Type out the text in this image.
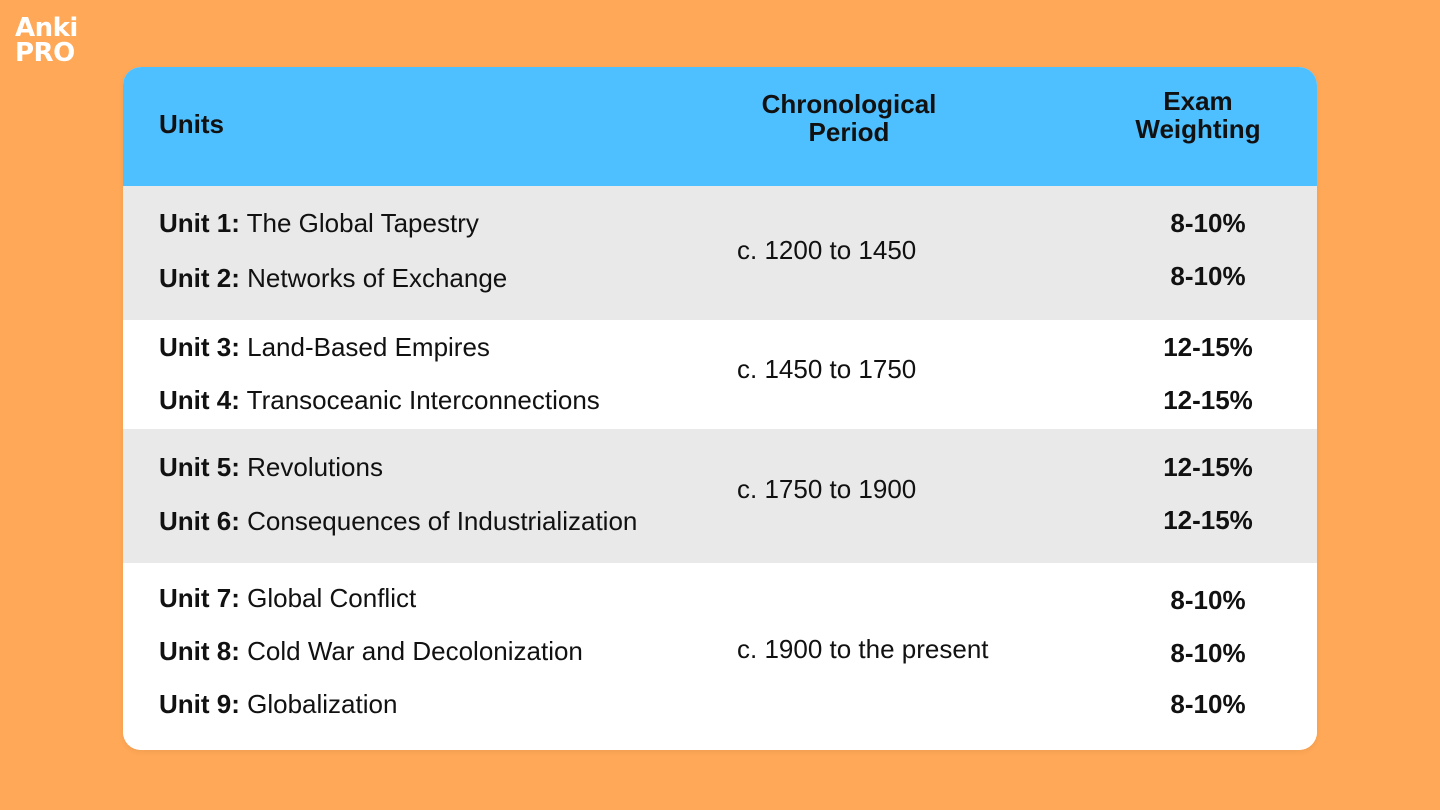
Anki
PRO
Units
Chronological
Period
Exam
Weighting
Unit 1: The Global Tapestry
Unit 2: Networks of Exchange
c. 1200 to 1450
8-10%
8-10%
Unit 3: Land-Based Empires
Unit 4: Transoceanic Interconnections
c. 1450 to 1750
12-15%
12-15%
Unit 5: Revolutions
Unit 6: Consequences of Industrialization
c. 1750 to 1900
12-15%
12-15%
Unit 7: Global Conflict
Unit 8: Cold War and Decolonization
Unit 9: Globalization
c. 1900 to the present
8-10%
8-10%
8-10%
